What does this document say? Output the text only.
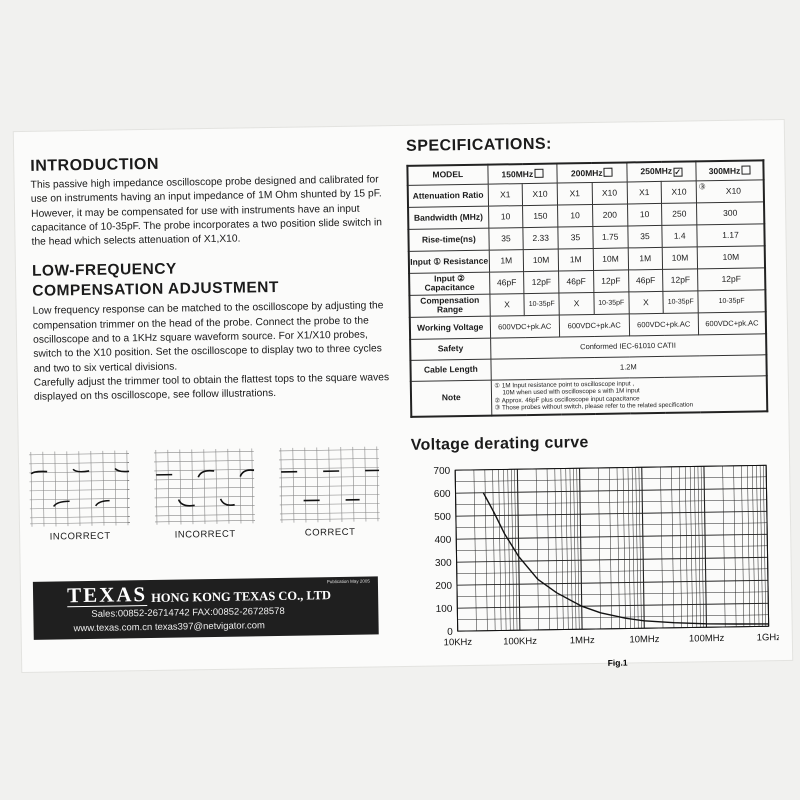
INTRODUCTION

This passive high impedance oscilloscope probe designed and calibrated for use on instruments having an input impedance of 1M Ohm shunted by 15 pF. However, it may be compensated for use with instruments have an input capacitance of 10-35pF. The probe incorporates a two position slide switch in the head which selects attenuation of X1,X10.

LOW-FREQUENCY
COMPENSATION ADJUSTMENT

Low frequency response can be matched to the oscilloscope by adjusting the compensation trimmer on the head of the probe. Connect the probe to the oscilloscope and to a 1KHz square waveform source. For X1/X10 probes, switch to the X10 position. Set the oscilloscope to display two to three cycles and two to six vertical divisions.

Carefully adjust the trimmer tool to obtain the flattest tops to the square waves displayed on ths oscilloscope, see follow illustrations.

INCORRECT	INCORRECT	CORRECT
TEXAS HONG KONG TEXAS CO., LTD
Publication May 2005
Sales:00852-26714742 FAX:00852-26728578
www.texas.com.cn texas397@netvigator.com
SPECIFICATIONS:
MODEL	150MHz		200MHz		250MHz ✓		300MHz
Attenuation Ratio	X1	X10	X1	X10	X1	X10	③ X10
Bandwidth (MHz)	10	150	10	200	10	250	300
Rise-time(ns)	35	2.33	35	1.75	35	1.4	1.17
Input ① Resistance	1M	10M	1M	10M	1M	10M	10M
Input ② Capacitance	46pF	12pF	46pF	12pF	46pF	12pF	12pF
Compensation Range	X	10-35pF	X	10-35pF	X	10-35pF	10-35pF
Working Voltage	600VDC+pk.AC		600VDC+pk.AC		600VDC+pk.AC		600VDC+pk.AC
Safety	Conformed IEC-61010 CATII						
Cable Length	1.2M						
Note	① 1M Input resistance point to oscilloscope input ,
10M when used with oscilloscope s with 1M input
② Approx. 46pF plus oscilloscope input capacitance
③ Those probes without switch, please refer to the related specification						
Voltage derating curve
0
100
200
300
400
500
600
700
10KHz	100KHz	1MHz	10MHz	100MHz	1GHz
Fig.1
